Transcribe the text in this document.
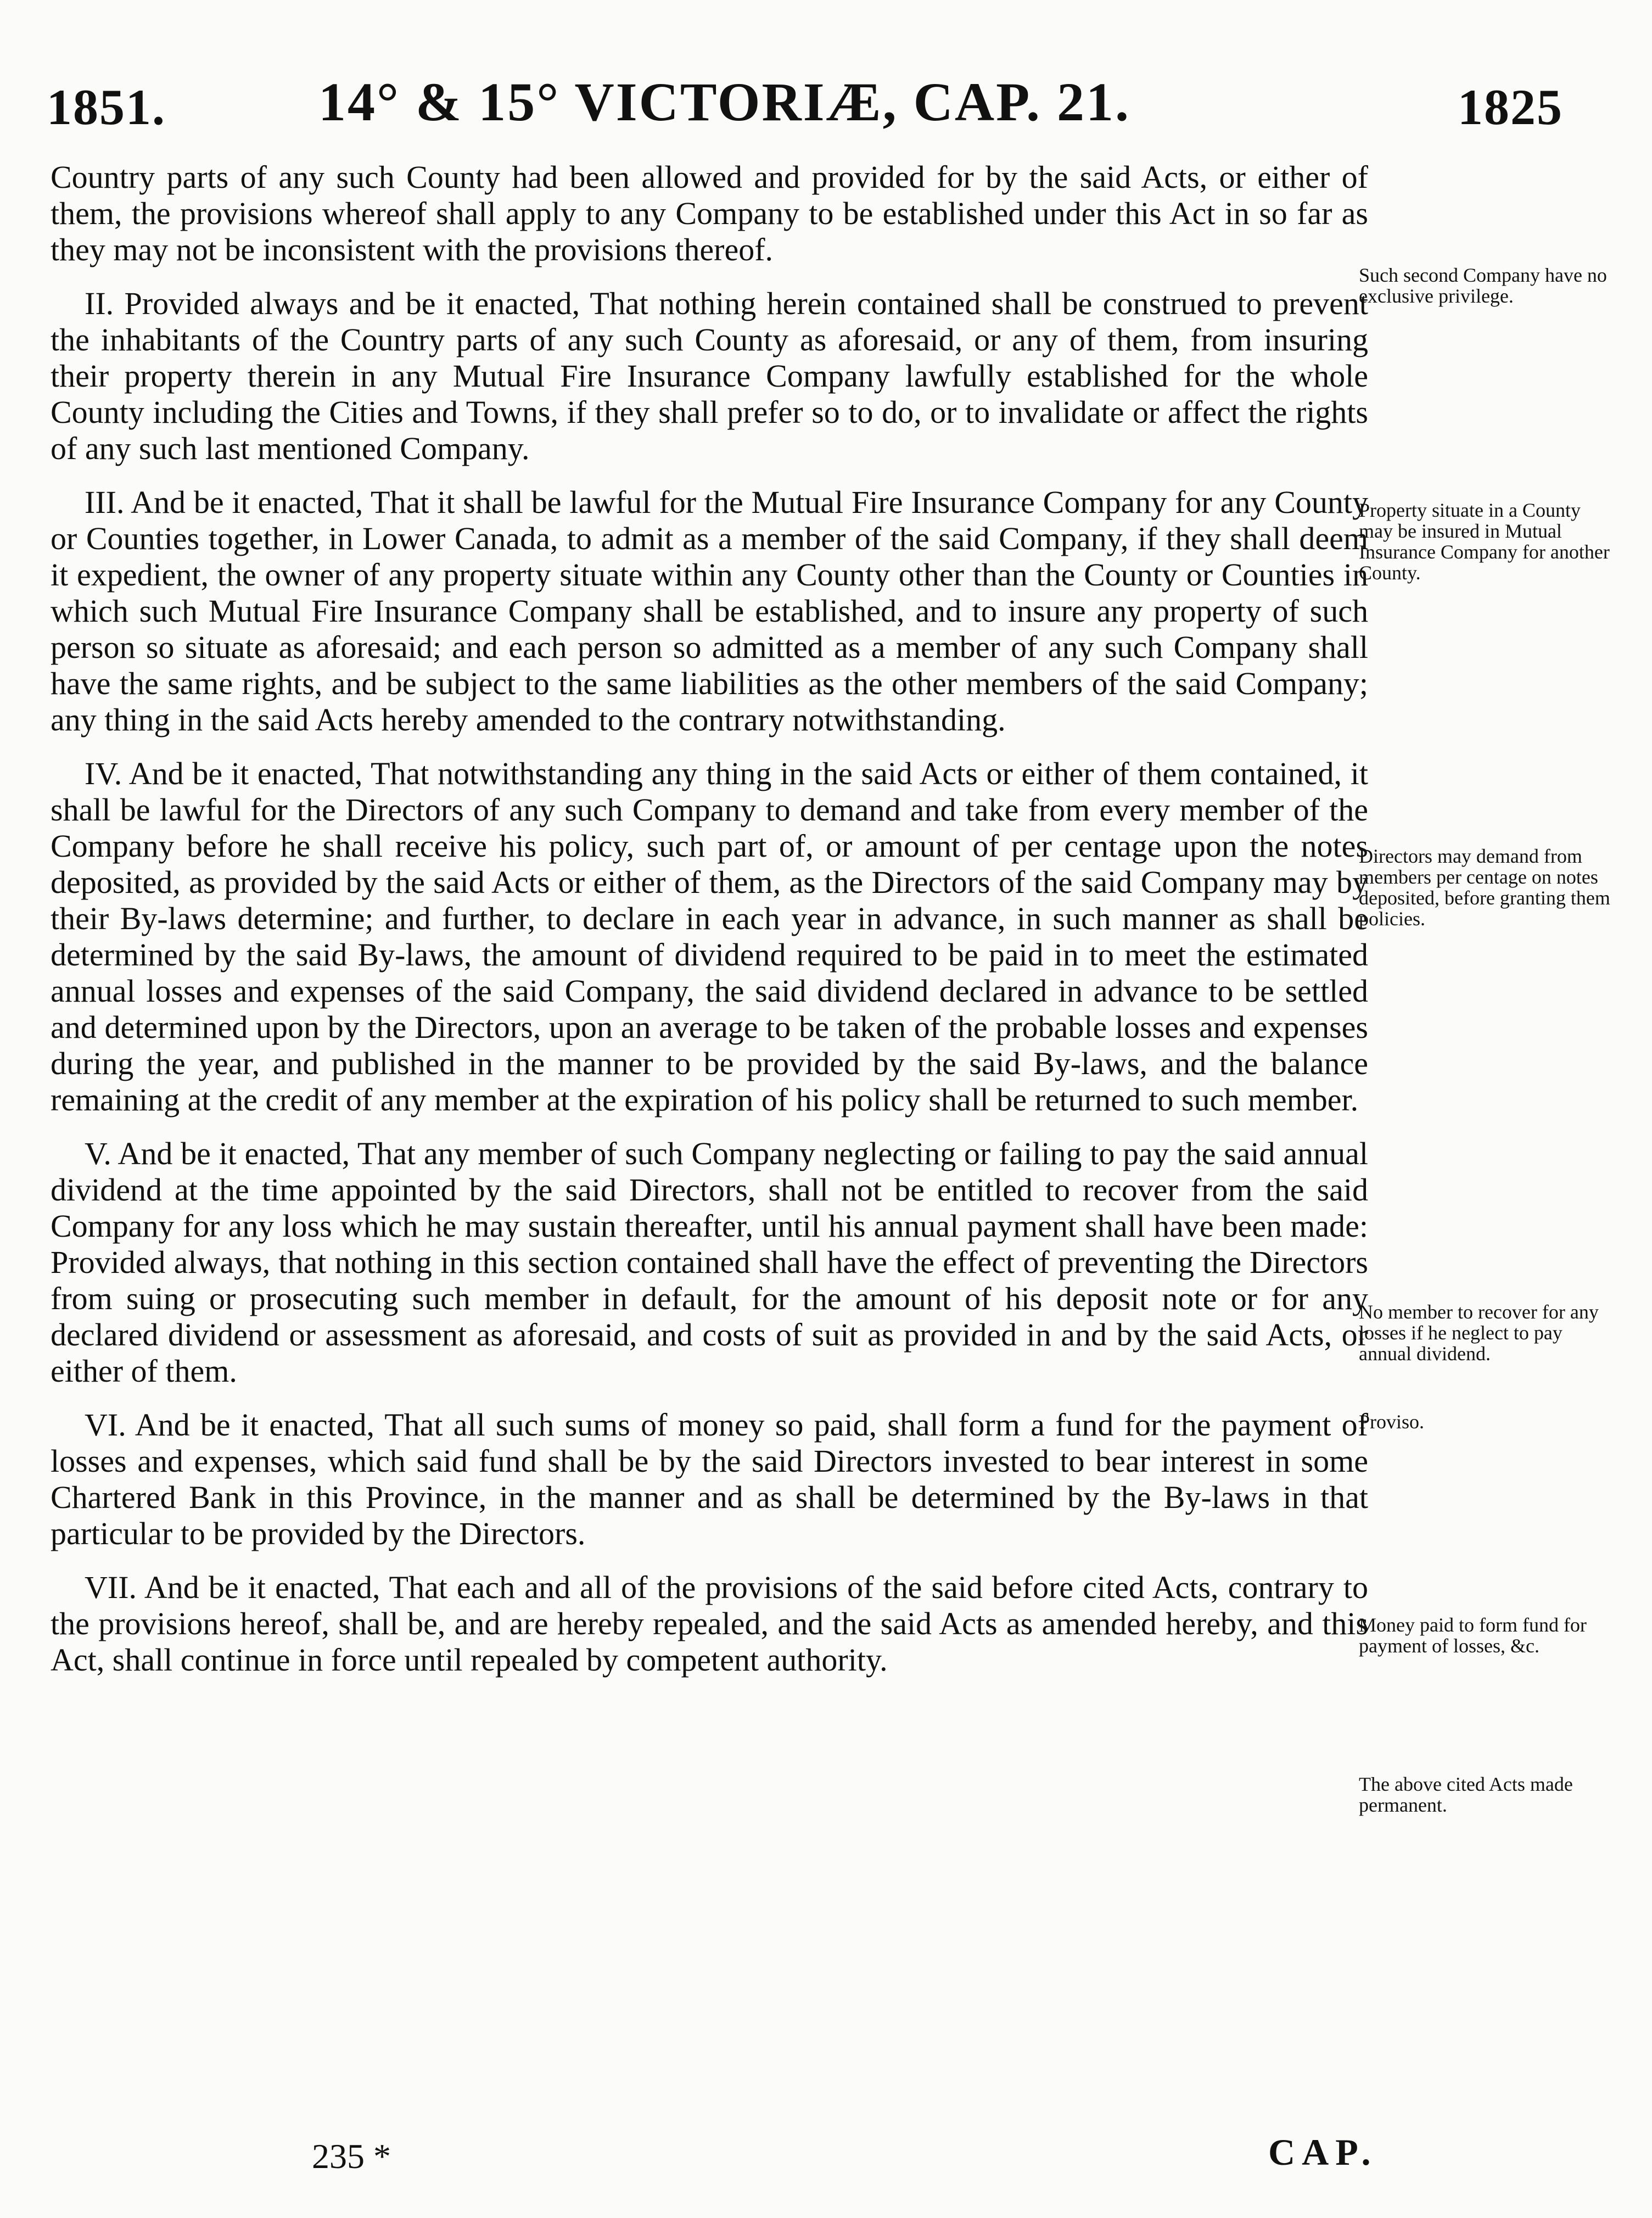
1851.	14° & 15° VICTORIÆ, CAP. 21.	1825

Country parts of any such County had been allowed and provided for by the said Acts, or either of them, the provisions whereof shall apply to any Company to be established under this Act in so far as they may not be inconsistent with the provisions thereof.

II. Provided always and be it enacted, That nothing herein contained shall be construed to prevent the inhabitants of the Country parts of any such County as aforesaid, or any of them, from insuring their property therein in any Mutual Fire Insurance Company lawfully established for the whole County including the Cities and Towns, if they shall prefer so to do, or to invalidate or affect the rights of any such last mentioned Company.

III. And be it enacted, That it shall be lawful for the Mutual Fire Insurance Company for any County or Counties together, in Lower Canada, to admit as a member of the said Company, if they shall deem it expedient, the owner of any property situate within any County other than the County or Counties in which such Mutual Fire Insurance Company shall be established, and to insure any property of such person so situate as aforesaid; and each person so admitted as a member of any such Company shall have the same rights, and be subject to the same liabilities as the other members of the said Company; any thing in the said Acts hereby amended to the contrary notwithstanding.

IV. And be it enacted, That notwithstanding any thing in the said Acts or either of them contained, it shall be lawful for the Directors of any such Company to demand and take from every member of the Company before he shall receive his policy, such part of, or amount of per centage upon the notes deposited, as provided by the said Acts or either of them, as the Directors of the said Company may by their By-laws determine; and further, to declare in each year in advance, in such manner as shall be determined by the said By-laws, the amount of dividend required to be paid in to meet the estimated annual losses and expenses of the said Company, the said dividend declared in advance to be settled and determined upon by the Directors, upon an average to be taken of the probable losses and expenses during the year, and published in the manner to be provided by the said By-laws, and the balance remaining at the credit of any member at the expiration of his policy shall be returned to such member.

V. And be it enacted, That any member of such Company neglecting or failing to pay the said annual dividend at the time appointed by the said Directors, shall not be entitled to recover from the said Company for any loss which he may sustain thereafter, until his annual payment shall have been made: Provided always, that nothing in this section contained shall have the effect of preventing the Directors from suing or prosecuting such member in default, for the amount of his deposit note or for any declared dividend or assessment as aforesaid, and costs of suit as provided in and by the said Acts, or either of them.

VI. And be it enacted, That all such sums of money so paid, shall form a fund for the payment of losses and expenses, which said fund shall be by the said Directors invested to bear interest in some Chartered Bank in this Province, in the manner and as shall be determined by the By-laws in that particular to be provided by the Directors.

VII. And be it enacted, That each and all of the provisions of the said before cited Acts, contrary to the provisions hereof, shall be, and are hereby repealed, and the said Acts as amended hereby, and this Act, shall continue in force until repealed by competent authority.

Such second Company have no exclusive privilege.
Property situate in a County may be insured in Mutual Insurance Company for another County.
Directors may demand from members per centage on notes deposited, before granting them policies.
No member to recover for any losses if he neglect to pay annual dividend.
Proviso.
Money paid to form fund for payment of losses, &c.
The above cited Acts made permanent.
235 *	CAP.
